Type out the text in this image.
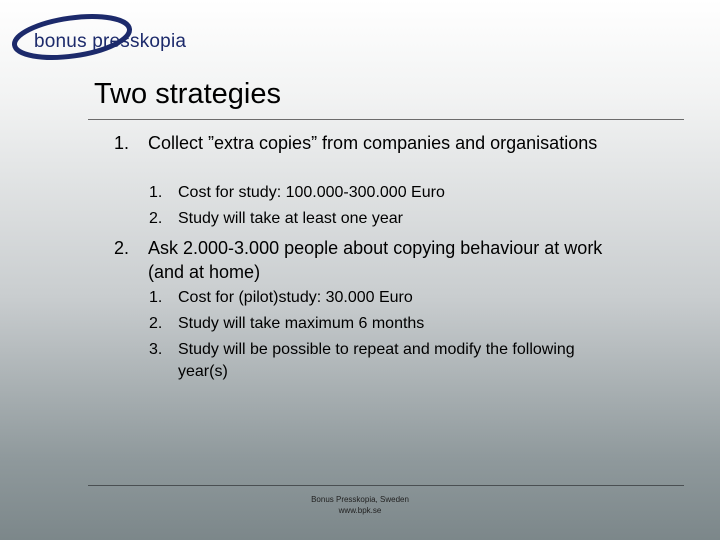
bonus presskopia
Two strategies
1. Collect ”extra copies” from companies and organisations
1. Cost for study: 100.000-300.000 Euro
2. Study will take at least one year
2. Ask 2.000-3.000 people about copying behaviour at work (and at home)
1. Cost for (pilot)study: 30.000 Euro
2. Study will take maximum 6 months
3. Study will be possible to repeat and modify the following year(s)
Bonus Presskopia, Sweden
www.bpk.se
